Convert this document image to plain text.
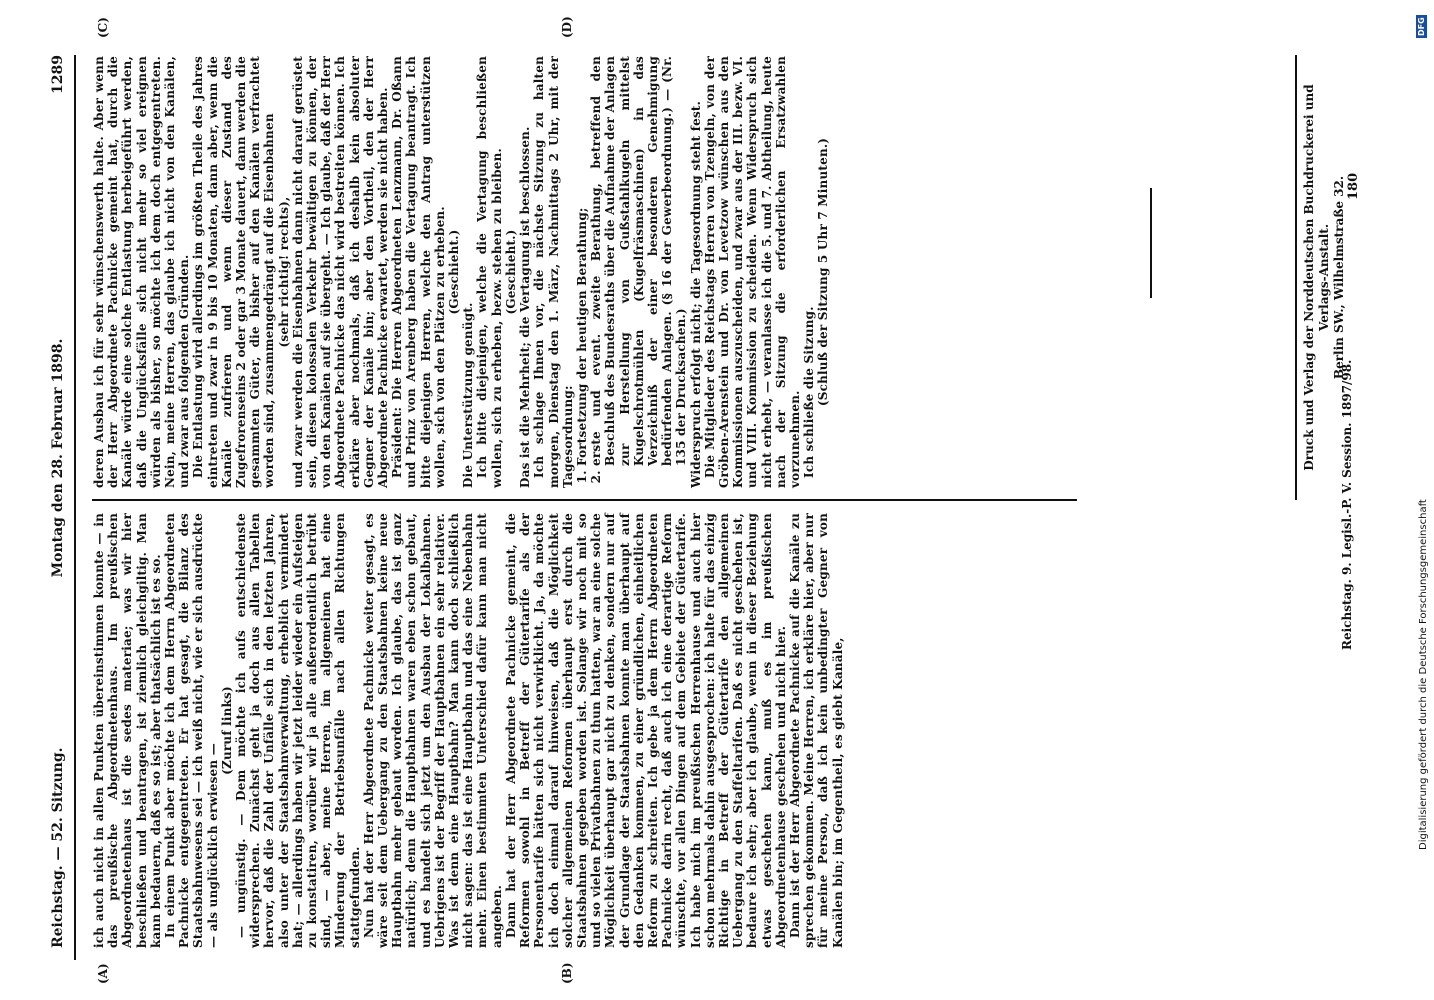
Reichstag. — 52. Sitzung.
Montag den 28. Februar 1898.
1289
(A)	(B)
(C)	(D)

ich auch nicht in allen Punkten übereinstimmen konnte — in das preußische Abgeordnetenhaus. Im preußischen Abgeordnetenhaus ist die sedes materiae; was wir hier beschließen und beantragen, ist ziemlich gleichgiltig. Man kann bedauern, daß es so ist; aber thatsächlich ist es so. In einem Punkt aber möchte ich dem Herrn Abgeordneten Pachnicke entgegentreten. Er hat gesagt, die Bilanz des Staatsbahnwesens sei — ich weiß nicht, wie er sich ausdrückte — als unglücklich erwiesen —

(Zuruf links) — ungünstig. — Dem möchte ich aufs entschiedenste widersprechen. Zunächst geht ja doch aus allen Tabellen hervor, daß die Zahl der Unfälle sich in den letzten Jahren, also unter der Staatsbahnverwaltung, erheblich vermindert hat; — allerdings haben wir jetzt leider wieder ein Aufsteigen zu konstatiren, worüber wir ja alle außerordentlich betrübt sind, — aber, meine Herren, im allgemeinen hat eine Minderung der Betriebsunfälle nach allen Richtungen stattgefunden. Nun hat der Herr Abgeordnete Pachnicke weiter gesagt, es wäre seit dem Uebergang zu den Staatsbahnen keine neue Hauptbahn mehr gebaut worden. Ich glaube, das ist ganz natürlich; denn die Hauptbahnen waren eben schon gebaut, und es handelt sich jetzt um den Ausbau der Lokalbahnen. Uebrigens ist der Begriff der Hauptbahnen ein sehr relativer. Was ist denn eine Hauptbahn? Man kann doch schließlich nicht sagen: das ist eine Hauptbahn und das eine Nebenbahn mehr. Einen bestimmten Unterschied dafür kann man nicht angeben. Dann hat der Herr Abgeordnete Pachnicke gemeint, die Reformen sowohl in Betreff der Gütertarife als der Personentarife hätten sich nicht verwirklicht. Ja, da möchte ich doch einmal darauf hinweisen, daß die Möglichkeit solcher allgemeinen Reformen überhaupt erst durch die Staatsbahnen gegeben worden ist. Solange wir noch mit so und so vielen Privatbahnen zu thun hatten, war an eine solche Möglichkeit überhaupt gar nicht zu denken, sondern nur auf der Grundlage der Staatsbahnen konnte man überhaupt auf den Gedanken kommen, zu einer gründlichen, einheitlichen Reform zu schreiten. Ich gebe ja dem Herrn Abgeordneten Pachnicke darin recht, daß auch ich eine derartige Reform wünschte, vor allen Dingen auf dem Gebiete der Gütertarife. Ich habe mich im preußischen Herrenhause und auch hier schon mehrmals dahin ausgesprochen: ich halte für das einzig Richtige in Betreff der Gütertarife den allgemeinen Uebergang zu den Staffeltarifen. Daß es nicht geschehen ist, bedaure ich sehr; aber ich glaube, wenn in dieser Beziehung etwas geschehen kann, muß es im preußischen Abgeordnetenhause geschehen und nicht hier. Dann ist der Herr Abgeordnete Pachnicke auf die Kanäle zu sprechen gekommen. Meine Herren, ich erkläre hier, aber nur für meine Person, daß ich kein unbedingter Gegner von Kanälen bin; im Gegentheil, es giebt Kanäle,

deren Ausbau ich für sehr wünschenswerth halte. Aber wenn der Herr Abgeordnete Pachnicke gemeint hat, durch die Kanäle würde eine solche Entlastung herbeigeführt werden, daß die Unglücksfälle sich nicht mehr so viel ereignen würden als bisher, so möchte ich dem doch entgegentreten. Nein, meine Herren, das glaube ich nicht von den Kanälen, und zwar aus folgenden Gründen. Die Entlastung wird allerdings im größten Theile des Jahres eintreten und zwar in 9 bis 10 Monaten, dann aber, wenn die Kanäle zufrieren und wenn dieser Zustand des Zugefrorenseins 2 oder gar 3 Monate dauert, dann werden die gesammten Güter, die bisher auf den Kanälen verfrachtet worden sind, zusammengedrängt auf die Eisenbahnen (sehr richtig! rechts), und zwar werden die Eisenbahnen dann nicht darauf gerüstet sein, diesen kolossalen Verkehr bewältigen zu können, der von den Kanälen auf sie übergeht. — Ich glaube, daß der Herr Abgeordnete Pachnicke das nicht wird bestreiten können. Ich erkläre aber nochmals, daß ich deshalb kein absoluter Gegner der Kanäle bin; aber den Vortheil, den der Herr Abgeordnete Pachnicke erwartet, werden sie nicht haben. Präsident: Die Herren Abgeordneten Lenzmann, Dr. Oßann und Prinz von Arenberg haben die Vertagung beantragt. Ich bitte diejenigen Herren, welche den Antrag unterstützen wollen, sich von den Plätzen zu erheben. (Geschieht.)

Die Unterstützung genügt. Ich bitte diejenigen, welche die Vertagung beschließen wollen, sich zu erheben, bezw. stehen zu bleiben. (Geschieht.) Das ist die Mehrheit; die Vertagung ist beschlossen. Ich schlage Ihnen vor, die nächste Sitzung zu halten morgen, Dienstag den 1. März, Nachmittags 2 Uhr, mit der Tagesordnung: 1. Fortsetzung der heutigen Berathung; 2. erste und event. zweite Berathung, betreffend den Beschluß des Bundesraths über die Aufnahme der Anlagen zur Herstellung von Gußstahlkugeln mittelst Kugelschrotmühlen (Kugelfräsmaschinen) in das Verzeichniß der einer besonderen Genehmigung bedürfenden Anlagen. (§ 16 der Gewerbeordnung.) — (Nr. 135 der Drucksachen.) Widerspruch erfolgt nicht; die Tagesordnung steht fest. Die Mitglieder des Reichstags Herren von Tzengeln, von der Gröben-Arenstein und Dr. von Levetzow wünschen aus den Kommissionen auszuscheiden, und zwar aus der III. bezw. VI. und VIII. Kommission zu scheiden. Wenn Widerspruch sich nicht erhebt, — veranlasse ich die 5. und 7. Abtheilung, heute nach der Sitzung die erforderlichen Ersatzwahlen vorzunehmen. Ich schließe die Sitzung. (Schluß der Sitzung 5 Uhr 7 Minuten.)

Reichstag. 9. Legisl.-P. V. Session. 1897/98.
Druck und Verlag der Norddeutschen Buchdruckerei und Verlags-Anstalt. Berlin SW., Wilhelmstraße 32. 180
Digitalisierung gefördert durch die Deutsche Forschungsgemeinschaft
DFG
